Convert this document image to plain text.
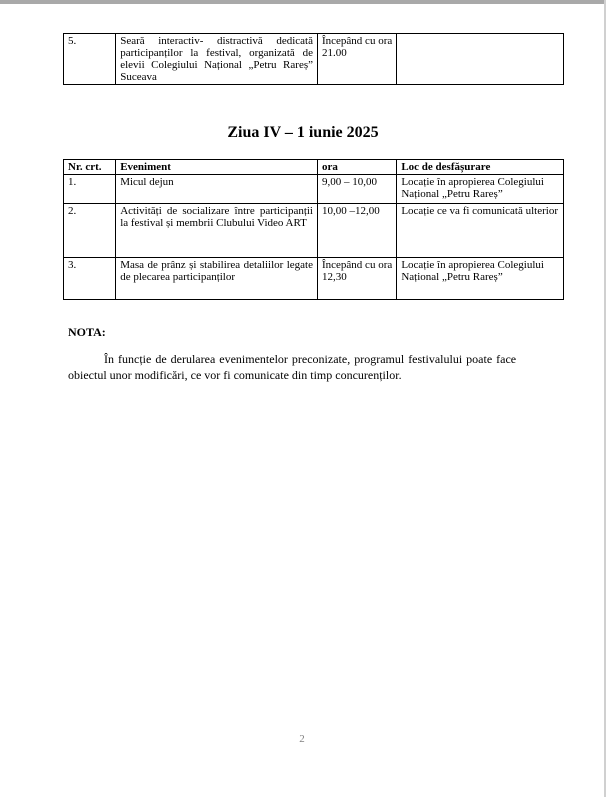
5.	Seară interactiv- distractivă dedicată participanților la festival, organizată de elevii Colegiului Național „Petru Rareș” Suceava	Începând cu ora 21.00	
Ziua IV – 1 iunie 2025
Nr. crt.	Eveniment	ora	Loc de desfășurare
1.	Micul dejun	9,00 – 10,00	Locație în apropierea Colegiului Național „Petru Rareș”
2.	Activități de socializare între participanții la festival și membrii Clubului Video ART	10,00 –12,00	Locație ce va fi comunicată ulterior
3.	Masa de prânz și stabilirea detaliilor legate de plecarea participanților	Începând cu ora 12,30	Locație în apropierea Colegiului Național „Petru Rareș”
NOTA:
În funcție de derularea evenimentelor preconizate, programul festivalului poate face
obiectul unor modificări, ce vor fi comunicate din timp concurenților.
2
